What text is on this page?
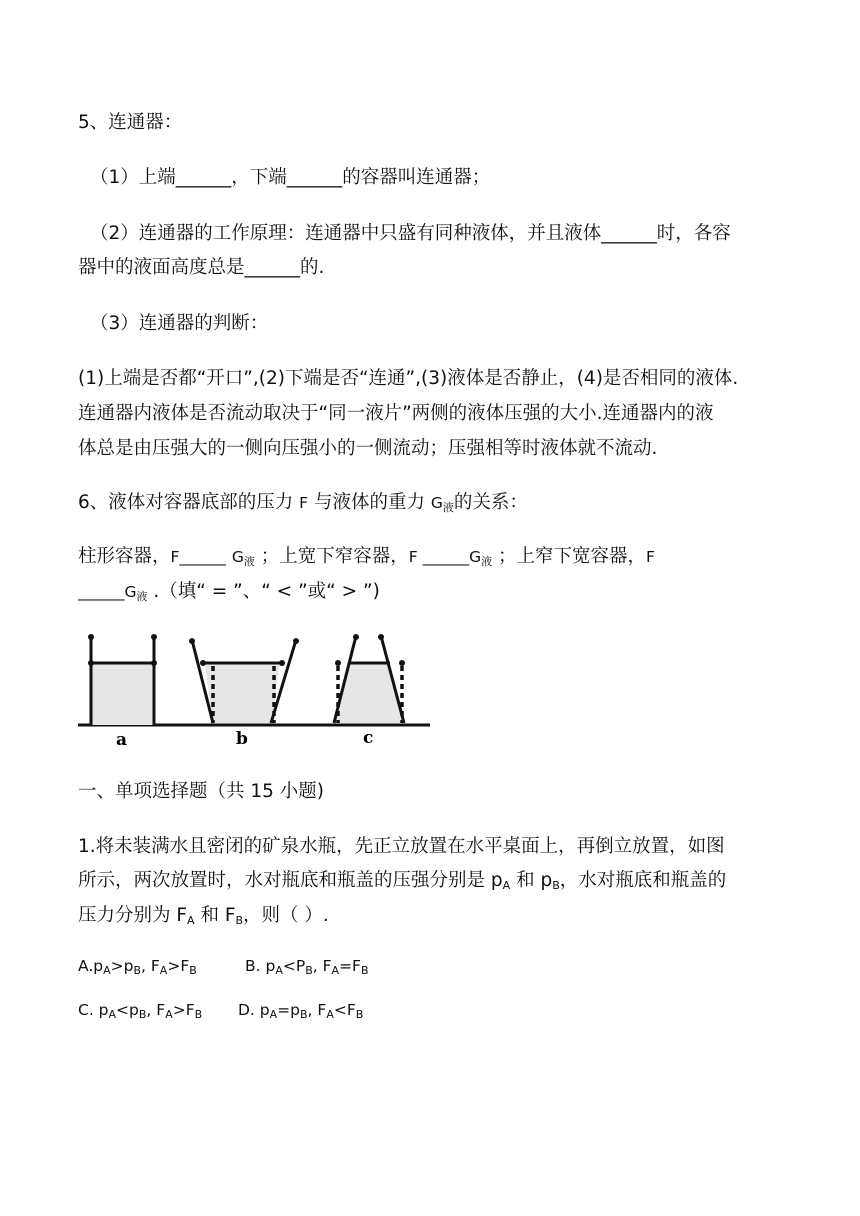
5、连通器：
（1）上端______，下端______的容器叫连通器；
（2）连通器的工作原理：连通器中只盛有同种液体，并且液体______时，各容
器中的液面高度总是______的.
（3）连通器的判断：
(1)上端是否都“开口”,(2)下端是否“连通”,(3)液体是否静止，(4)是否相同的液体.
连通器内液体是否流动取决于“同一液片”两侧的液体压强的大小.连通器内的液
体总是由压强大的一侧向压强小的一侧流动；压强相等时液体就不流动.
6、液体对容器底部的压力 F 与液体的重力 $G_液$的关系：
柱形容器，F______ $G_液$ ；上宽下窄容器，F $\_\_\_\_\_\_G_液$ ；上窄下宽容器，F
$\_\_\_\_\_\_G_液$ .（填“ = ”、“ < ”或“ > ”)
a	b	c
一、单项选择题（共 15 小题)
1.将未装满水且密闭的矿泉水瓶，先正立放置在水平桌面上，再倒立放置，如图
所示，两次放置时，水对瓶底和瓶盖的压强分别是 $p_A$ 和 $p_B$，水对瓶底和瓶盖的
压力分别为 $F_A$ 和 $F_B$，则（ ）.
$A.p_A>p_B$, $F_A>F_B$	B. $p_A<P_B$, $F_A=F_B$
C. $p_A<p_B$, $F_A>F_B$ D. $p_A=p_B$, $F_A<F_B$
